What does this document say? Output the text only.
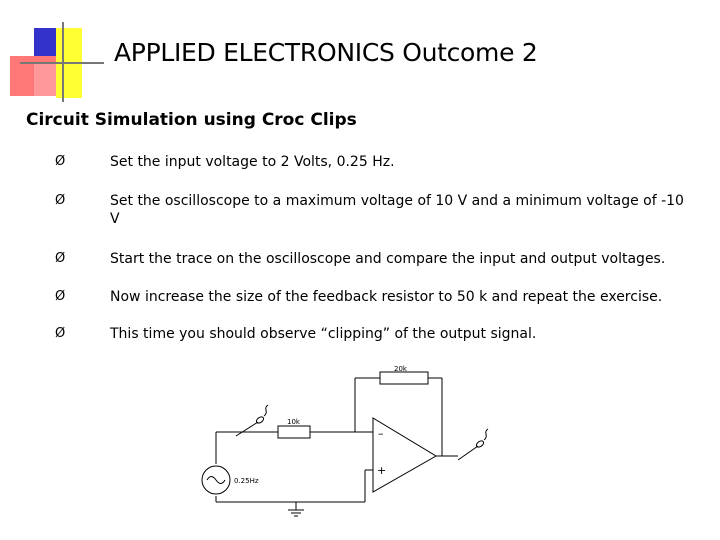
APPLIED ELECTRONICS Outcome 2
Circuit Simulation using Croc Clips
Ø	Set the input voltage to 2 Volts, 0.25 Hz.
Ø	Set the oscilloscope to a maximum voltage of 10 V and a minimum voltage of -10 V
Ø	Start the trace on the oscilloscope and compare the input and output voltages.
Ø	Now increase the size of the feedback resistor to 50 k and repeat the exercise.
Ø	This time you should observe “clipping” of the output signal.
20k
10k
–
+
0.25Hz
